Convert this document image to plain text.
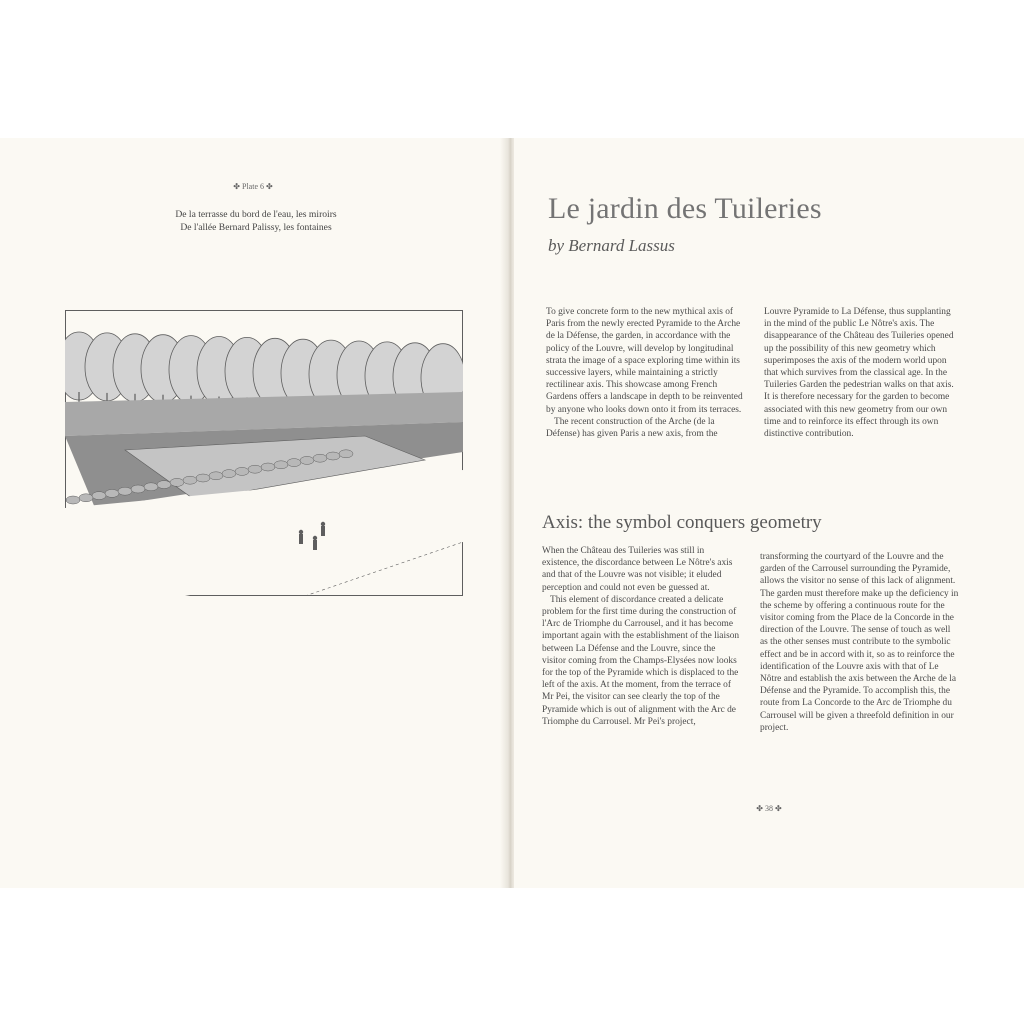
✤ Plate 6 ✤
De la terrasse du bord de l'eau, les miroirs
De l'allée Bernard Palissy, les fontaines
Le jardin des Tuileries
by Bernard Lassus

To give concrete form to the new mythical axis of Paris from the newly erected Pyramide to the Arche de la Défense, the garden, in accordance with the policy of the Louvre, will develop by longitudinal strata the image of a space exploring time within its successive layers, while maintaining a strictly rectilinear axis. This showcase among French Gardens offers a landscape in depth to be reinvented by anyone who looks down onto it from its terraces.

The recent construction of the Arche (de la Défense) has given Paris a new axis, from the

Louvre Pyramide to La Défense, thus supplanting in the mind of the public Le Nôtre's axis. The disappearance of the Château des Tuileries opened up the possibility of this new geometry which superimposes the axis of the modern world upon that which survives from the classical age. In the Tuileries Garden the pedestrian walks on that axis. It is therefore necessary for the garden to become associated with this new geometry from our own time and to reinforce its effect through its own distinctive contribution.

Axis: the symbol conquers geometry

When the Château des Tuileries was still in existence, the discordance between Le Nôtre's axis and that of the Louvre was not visible; it eluded perception and could not even be guessed at.

This element of discordance created a delicate problem for the first time during the construction of l'Arc de Triomphe du Carrousel, and it has become important again with the establishment of the liaison between La Défense and the Louvre, since the visitor coming from the Champs-Elysées now looks for the top of the Pyramide which is displaced to the left of the axis. At the moment, from the terrace of Mr Pei, the visitor can see clearly the top of the Pyramide which is out of alignment with the Arc de Triomphe du Carrousel. Mr Pei's project,

transforming the courtyard of the Louvre and the garden of the Carrousel surrounding the Pyramide, allows the visitor no sense of this lack of alignment. The garden must therefore make up the deficiency in the scheme by offering a continuous route for the visitor coming from the Place de la Concorde in the direction of the Louvre. The sense of touch as well as the other senses must contribute to the symbolic effect and be in accord with it, so as to reinforce the identification of the Louvre axis with that of Le Nôtre and establish the axis between the Arche de la Défense and the Pyramide. To accomplish this, the route from La Concorde to the Arc de Triomphe du Carrousel will be given a threefold definition in our project.

✤ 38 ✤
